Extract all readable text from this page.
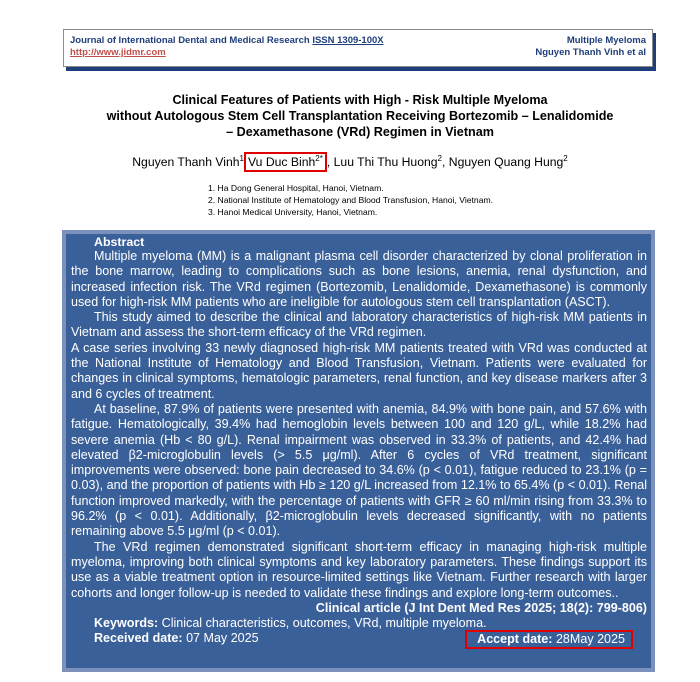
Journal of International Dental and Medical Research ISSN 1309-100X
http://www.jidmr.com
Multiple Myeloma
Nguyen Thanh Vinh et al
Clinical Features of Patients with High - Risk Multiple Myeloma
without Autologous Stem Cell Transplantation Receiving Bortezomib – Lenalidomide
– Dexamethasone (VRd) Regimen in Vietnam
Nguyen Thanh Vinh$^1$ Vu Duc Binh$^{2*}$ , Luu Thi Thu Huong$^2$, Nguyen Quang Hung$^2$
1. Ha Dong General Hospital, Hanoi, Vietnam.
2. National Institute of Hematology and Blood Transfusion, Hanoi, Vietnam.
3. Hanoi Medical University, Hanoi, Vietnam.
Abstract

Multiple myeloma (MM) is a malignant plasma cell disorder characterized by clonal proliferation in the bone marrow, leading to complications such as bone lesions, anemia, renal dysfunction, and increased infection risk. The VRd regimen (Bortezomib, Lenalidomide, Dexamethasone) is commonly used for high-risk MM patients who are ineligible for autologous stem cell transplantation (ASCT).

This study aimed to describe the clinical and laboratory characteristics of high-risk MM patients in Vietnam and assess the short-term efficacy of the VRd regimen.

A case series involving 33 newly diagnosed high-risk MM patients treated with VRd was conducted at the National Institute of Hematology and Blood Transfusion, Vietnam. Patients were evaluated for changes in clinical symptoms, hematologic parameters, renal function, and key disease markers after 3 and 6 cycles of treatment.

At baseline, 87.9% of patients were presented with anemia, 84.9% with bone pain, and 57.6% with fatigue. Hematologically, 39.4% had hemoglobin levels between 100 and 120 g/L, while 18.2% had severe anemia (Hb < 80 g/L). Renal impairment was observed in 33.3% of patients, and 42.4% had elevated β2-microglobulin levels (> 5.5 μg/ml). After 6 cycles of VRd treatment, significant improvements were observed: bone pain decreased to 34.6% (p < 0.01), fatigue reduced to 23.1% (p = 0.03), and the proportion of patients with Hb ≥ 120 g/L increased from 12.1% to 65.4% (p < 0.01). Renal function improved markedly, with the percentage of patients with GFR ≥ 60 ml/min rising from 33.3% to 96.2% (p < 0.01). Additionally, β2-microglobulin levels decreased significantly, with no patients remaining above 5.5 μg/ml (p < 0.01).

The VRd regimen demonstrated significant short-term efficacy in managing high-risk multiple myeloma, improving both clinical symptoms and key laboratory parameters. These findings support its use as a viable treatment option in resource-limited settings like Vietnam. Further research with larger cohorts and longer follow-up is needed to validate these findings and explore long-term outcomes..

Clinical article (J Int Dent Med Res 2025; 18(2): 799-806)
Keywords: Clinical characteristics, outcomes, VRd, multiple myeloma.
Received date: 07 May 2025	Accept date: 28May 2025
